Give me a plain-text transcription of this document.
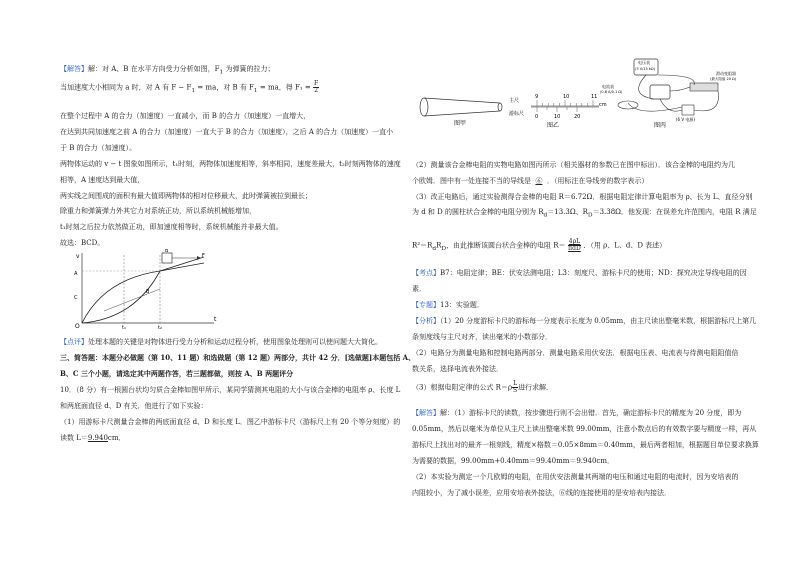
【解答】解：对 A、B 在水平方向受力分析如图，$F_1$ 为弹簧的拉力；
当加速度大小相同为 a 时，对 A 有 $F - F_1$ = ma，对 B 有 $F_1$ = ma，得 $F_1 = \frac{F}{2}$
在整个过程中 A 的合力（加速度）一直减小，而 B 的合力（加速度）一直增大，
在达到共同加速度之前 A 的合力（加速度）一直大于 B 的合力（加速度），之后 A 的合力（加速度）一直小
于 B 的合力（加速度）。
两物体运动的 v − t 图象如图所示，t₁时刻，两物体加速度相等，斜率相同，速度差最大，t₂时刻两物体的速度
相等，A 速度达到最大值，
两实线之间围成的面积有最大值即两物体的相对位移最大，此时弹簧被拉到最长；
除重力和弹簧弹力外其它力对系统正功，所以系统机械能增加，
t₁时刻之后拉力依然做正功，即加速度相等时，系统机械能并非最大值。
故选：BCD。
v
t
O	t₁	t₂
A
B
C
B
F
【点评】处理本题的关键是对物体进行受力分析和运动过程分析，使用图象处理则可以使问题大大简化。
三、简答题：本题分必做题（第 10、11 题）和选做题（第 12 题）两部分，共计 42 分．[选做题]本题包括 A、
B、C 三个小题，请选定其中两题作答，若三题都做，则按 A、B 两题评分
10．（8 分）有一根圆台状均匀质合金棒如图甲所示，某同学猜测其电阻的大小与该合金棒的电阻率 ρ、长度 L
和两底面直径 d、D 有关．他进行了如下实验：
（1）用游标卡尺测量合金棒的两底面直径 d、D 和长度 L．图乙中游标卡尺（游标尺上有 20 个等分刻度）的
读数 L＝9.940cm．
图甲
主尺
游标尺
9	10	11
cm
0	10	20
图乙
电压表
(3 V/15 kΩ)
电流表
(0.6 A/0.1 Ω)
滑动变阻器
(最大阻值 20 Ω)
(6 V 电源)
图丙
（2）测量该合金棒电阻的实物电路如图丙所示（相关器材的参数已在图中标出）．该合金棒的电阻约为几
个欧姆．图中有一处连接不当的导线是 ⑥ ．（用标注在导线旁的数字表示）
（3）改正电路后，通过实验测得合金棒的电阻 R＝6.72Ω．根据电阻定律计算电阻率为 ρ、长为 L、直径分别
为 d 和 D 的圆柱状合金棒的电阻分别为 $R_d=13.3\Omega$、$R_D=3.38\Omega$．他发现：在误差允许范围内，电阻 R 满足
$R^2=R_dR_D$，由此推断该圆台状合金棒的电阻 $R= \frac{4\rho L}{\text{πdD}}$ ．（用 ρ、L、d、D 表述）
【考点】B7：电阻定律；BE：伏安法测电阻；L3：刻度尺、游标卡尺的使用；ND：探究决定导线电阻的因
素．
【专题】13：实验题．
【分析】（1）20 分度游标卡尺的游标每一分度表示长度为 0.05mm，由主尺读出整毫米数，根据游标尺上第几
条刻度线与主尺对齐，读出毫米的小数部分．
（2）电路分为测量电路和控制电路两部分．测量电路采用伏安法．根据电压表、电流表与待测电阻阻值倍
数关系，选择电流表外接法．
（3）根据电阻定律的公式 $R=\rho \frac{L}{S}$ 进行求解．
【解答】解：（1）游标卡尺的读数，按步骤进行则不会出错．首先，确定游标卡尺的精度为 20 分度，即为
0.05mm，然后以毫米为单位从主尺上读出整毫米数 99.00mm，注意小数点后的有效数字要与精度一样，再从
游标尺上找出对的最齐一根刻线，精度×格数＝0.05×8mm＝0.40mm，最后两者相加，根据题目单位要求换算
为需要的数据，99.00mm+0.40mm＝99.40mm＝9.940cm．
（2）本实验为测定一个几欧姆的电阻，在用伏安法测量其两端的电压和通过电阻的电流时，因为安培表的
内阻较小，为了减小误差，应用安培表外接法，⑥线的连接使用的是安培表内接法．
